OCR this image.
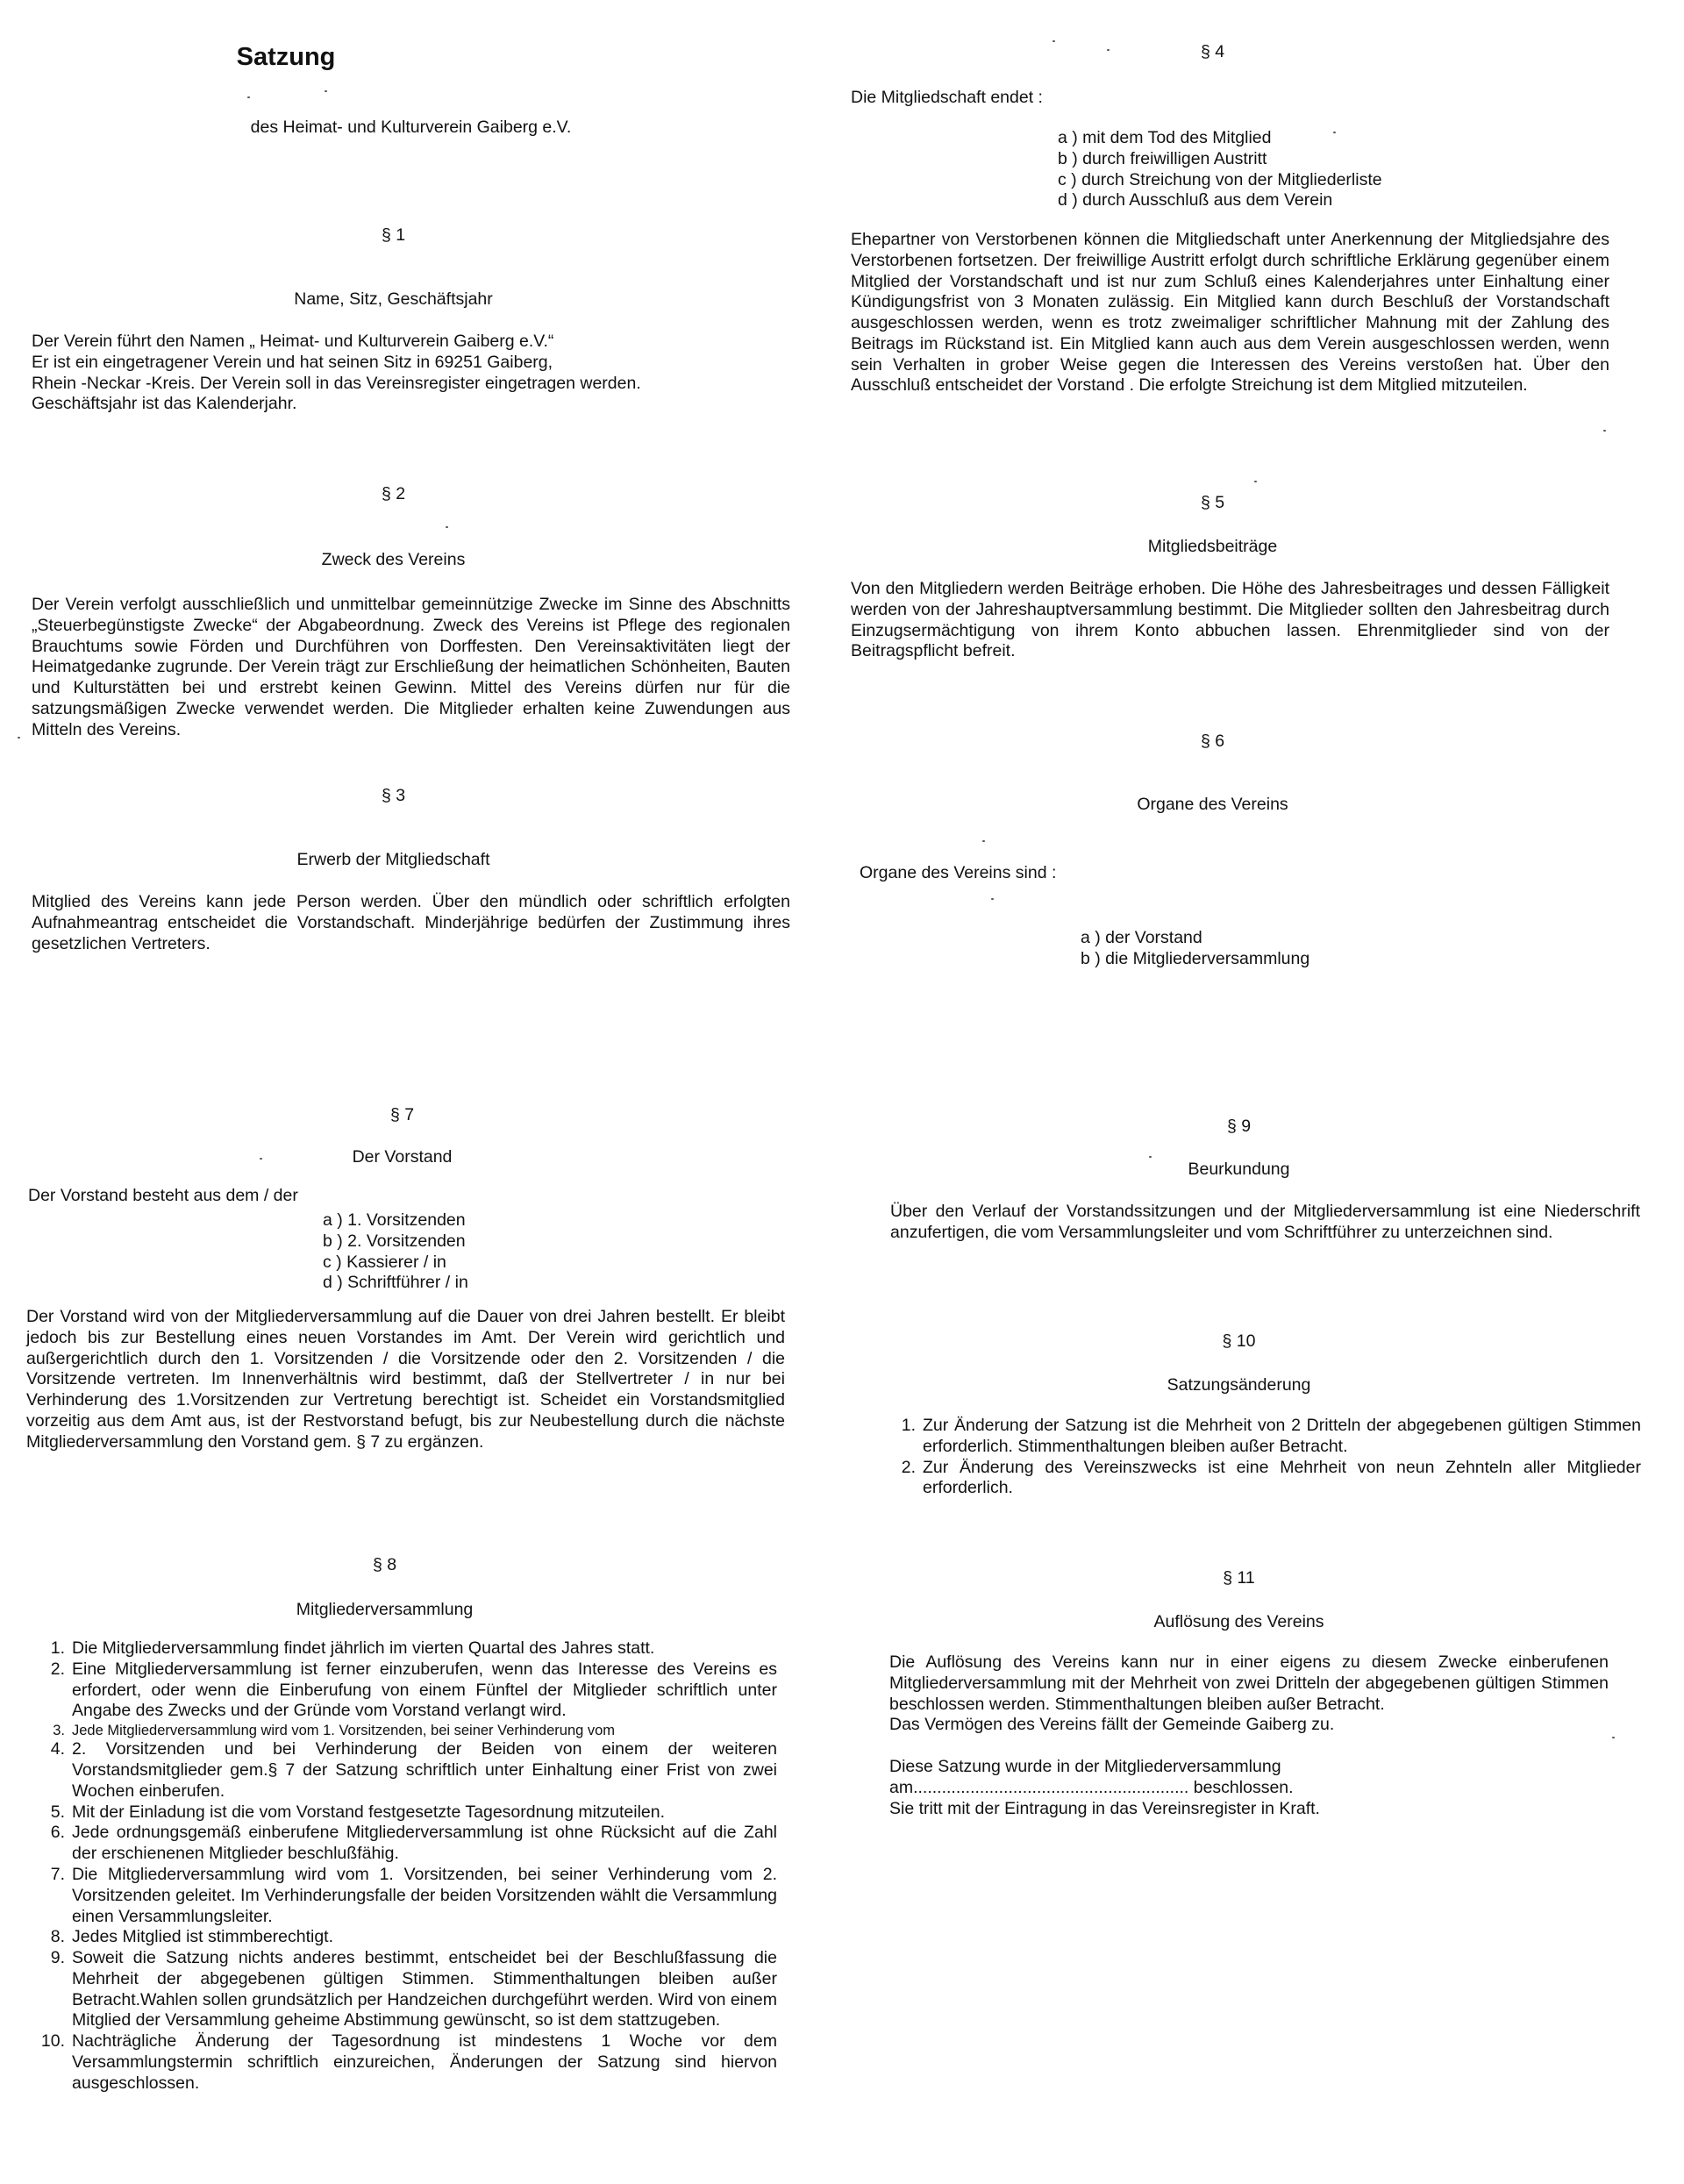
Satzung
des Heimat- und Kulturverein Gaiberg e.V.
§ 1
Name, Sitz, Geschäftsjahr
Der Verein führt den Namen „ Heimat- und Kulturverein Gaiberg e.V.“
Er ist ein eingetragener Verein und hat seinen Sitz in 69251 Gaiberg,
Rhein -Neckar -Kreis. Der Verein soll in das Vereinsregister eingetragen werden.
Geschäftsjahr ist das Kalenderjahr.
§ 2
Zweck des Vereins

Der Verein verfolgt ausschließlich und unmittelbar gemeinnützige Zwecke im Sinne des Abschnitts „Steuerbegünstigste Zwecke“ der Abgabeordnung. Zweck des Vereins ist Pflege des regionalen Brauchtums sowie Förden und Durchführen von Dorffesten. Den Vereinsaktivitäten liegt der Heimatgedanke zugrunde. Der Verein trägt zur Erschließung der heimatlichen Schönheiten, Bauten und Kulturstätten bei und erstrebt keinen Gewinn. Mittel des Vereins dürfen nur für die satzungsmäßigen Zwecke verwendet werden. Die Mitglieder erhalten keine Zuwendungen aus Mitteln des Vereins.

§ 3
Erwerb der Mitgliedschaft

Mitglied des Vereins kann jede Person werden. Über den mündlich oder schriftlich erfolgten Aufnahmeantrag entscheidet die Vorstandschaft. Minderjährige bedürfen der Zustimmung ihres gesetzlichen Vertreters.

§ 7
Der Vorstand
Der Vorstand besteht aus dem / der
a ) 1. Vorsitzenden
b ) 2. Vorsitzenden
c ) Kassierer / in
d ) Schriftführer / in

Der Vorstand wird von der Mitgliederversammlung auf die Dauer von drei Jahren bestellt. Er bleibt jedoch bis zur Bestellung eines neuen Vorstandes im Amt. Der Verein wird gerichtlich und außergerichtlich durch den 1. Vorsitzenden / die Vorsitzende oder den 2. Vorsitzenden / die Vorsitzende vertreten. Im Innenverhältnis wird bestimmt, daß der Stellvertreter / in nur bei Verhinderung des 1.Vorsitzenden zur Vertretung berechtigt ist. Scheidet ein Vorstandsmitglied vorzeitig aus dem Amt aus, ist der Restvorstand befugt, bis zur Neubestellung durch die nächste Mitgliederversammlung den Vorstand gem. § 7 zu ergänzen.

§ 8
Mitgliederversammlung
1. Die Mitgliederversammlung findet jährlich im vierten Quartal des Jahres statt.
2. Eine Mitgliederversammlung ist ferner einzuberufen, wenn das Interesse des Vereins es erfordert, oder wenn die Einberufung von einem Fünftel der Mitglieder schriftlich unter Angabe des Zwecks und der Gründe vom Vorstand verlangt wird.
3. Jede Mitgliederversammlung wird vom 1. Vorsitzenden, bei seiner Verhinderung vom
4. 2. Vorsitzenden und bei Verhinderung der Beiden von einem der weiteren Vorstandsmitglieder gem.§ 7 der Satzung schriftlich unter Einhaltung einer Frist von zwei Wochen einberufen.
5. Mit der Einladung ist die vom Vorstand festgesetzte Tagesordnung mitzuteilen.
6. Jede ordnungsgemäß einberufene Mitgliederversammlung ist ohne Rücksicht auf die Zahl der erschienenen Mitglieder beschlußfähig.
7. Die Mitgliederversammlung wird vom 1. Vorsitzenden, bei seiner Verhinderung vom 2. Vorsitzenden geleitet. Im Verhinderungsfalle der beiden Vorsitzenden wählt die Versammlung einen Versammlungsleiter.
8. Jedes Mitglied ist stimmberechtigt.
9. Soweit die Satzung nichts anderes bestimmt, entscheidet bei der Beschlußfassung die Mehrheit der abgegebenen gültigen Stimmen. Stimmenthaltungen bleiben außer Betracht.Wahlen sollen grundsätzlich per Handzeichen durchgeführt werden. Wird von einem Mitglied der Versammlung geheime Abstimmung gewünscht, so ist dem stattzugeben.
10. Nachträgliche Änderung der Tagesordnung ist mindestens 1 Woche vor dem Versammlungstermin schriftlich einzureichen, Änderungen der Satzung sind hiervon ausgeschlossen.
§ 4
Die Mitgliedschaft endet :
a ) mit dem Tod des Mitglied
b ) durch freiwilligen Austritt
c ) durch Streichung von der Mitgliederliste
d ) durch Ausschluß aus dem Verein

Ehepartner von Verstorbenen können die Mitgliedschaft unter Anerkennung der Mitgliedsjahre des Verstorbenen fortsetzen. Der freiwillige Austritt erfolgt durch schriftliche Erklärung gegenüber einem Mitglied der Vorstandschaft und ist nur zum Schluß eines Kalenderjahres unter Einhaltung einer Kündigungsfrist von 3 Monaten zulässig. Ein Mitglied kann durch Beschluß der Vorstandschaft ausgeschlossen werden, wenn es trotz zweimaliger schriftlicher Mahnung mit der Zahlung des Beitrags im Rückstand ist. Ein Mitglied kann auch aus dem Verein ausgeschlossen werden, wenn sein Verhalten in grober Weise gegen die Interessen des Vereins verstoßen hat. Über den Ausschluß entscheidet der Vorstand . Die erfolgte Streichung ist dem Mitglied mitzuteilen.

§ 5
Mitgliedsbeiträge

Von den Mitgliedern werden Beiträge erhoben. Die Höhe des Jahresbeitrages und dessen Fälligkeit werden von der Jahreshauptversammlung bestimmt. Die Mitglieder sollten den Jahresbeitrag durch Einzugsermächtigung von ihrem Konto abbuchen lassen. Ehrenmitglieder sind von der Beitragspflicht befreit.

§ 6
Organe des Vereins
Organe des Vereins sind :
a ) der Vorstand
b ) die Mitgliederversammlung
§ 9
Beurkundung

Über den Verlauf der Vorstandssitzungen und der Mitgliederversammlung ist eine Niederschrift anzufertigen, die vom Versammlungsleiter und vom Schriftführer zu unterzeichnen sind.

§ 10
Satzungsänderung
1. Zur Änderung der Satzung ist die Mehrheit von 2 Dritteln der abgegebenen gültigen Stimmen erforderlich. Stimmenthaltungen bleiben außer Betracht.
2. Zur Änderung des Vereinszwecks ist eine Mehrheit von neun Zehnteln aller Mitglieder erforderlich.
§ 11
Auflösung des Vereins

Die Auflösung des Vereins kann nur in einer eigens zu diesem Zwecke einberufenen Mitgliederversammlung mit der Mehrheit von zwei Dritteln der abgegebenen gültigen Stimmen beschlossen werden. Stimmenthaltungen bleiben außer Betracht.

Das Vermögen des Vereins fällt der Gemeinde Gaiberg zu.
Diese Satzung wurde in der Mitgliederversammlung am.......................................................... beschlossen.
Sie tritt mit der Eintragung in das Vereinsregister in Kraft.
